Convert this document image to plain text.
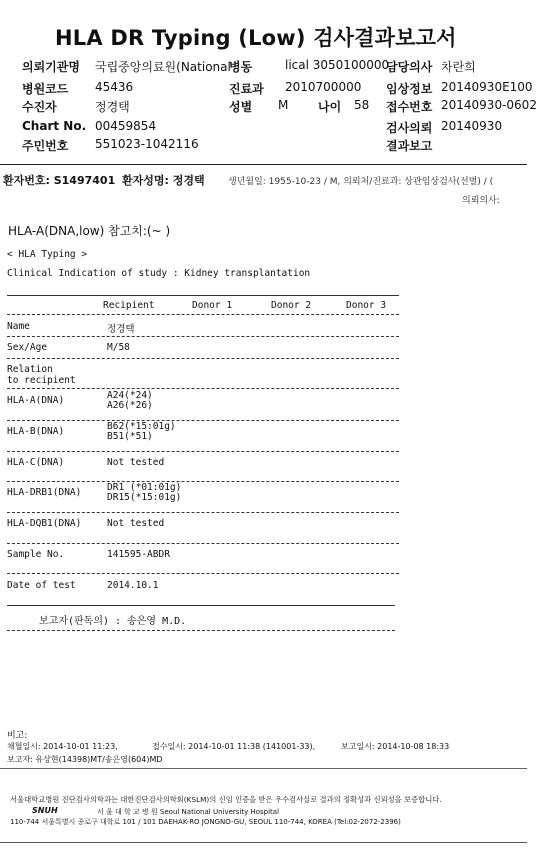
HLA DR Typing (Low) 검사결과보고서
의뢰기관명 국립중앙의료원(National
병동	lical 3050100000
담당의사 차란희
병원코드 45436	진료과 2010700000 임상정보 20140930E100
수진자	정경택	성별 M 나이 58 접수번호 20140930-0602
Chart No. 00459854	검사의뢰 20140930
주민번호 551023-1042116	결과보고
환자번호: S1497401 환자성명: 정경택	생년월일: 1955-10-23 / M, 의뢰처/진료과: 상관임상검사(선별) / (
의뢰의사:
HLA-A(DNA,low) 참고치:(~ )
< HLA Typing >
Clinical Indication of study : Kidney transplantation
Recipient	Donor 1	Donor 2	Donor 3
Name	정경택
Sex/Age	M/58
Relation
to recipient
HLA-A(DNA)	A24(*24)
A26(*26)
HLA-B(DNA)	B62(*15:01g)
B51(*51)
HLA-C(DNA)	Not tested
HLA-DRB1(DNA)	DR1 (*01:01g)
DR15(*15:01g)
HLA-DQB1(DNA)	Not tested
Sample No.	141595-ABDR
Date of test	2014.10.1
보고자(판독의) : 송은영 M.D.
비고:
채혈일시: 2014-10-01 11:23,	접수일시: 2014-10-01 11:38 (141001-33),	보고일시: 2014-10-08 18:33
보고자: 유상현(14398)MT/송은영(604)MD
서울대학교병원 진단검사의학과는 대한진단검사의학회(KSLM)의 신임 인증을 받은 우수검사실로 결과의 정확성과 신뢰성을 보증합니다.
SNUH	서 울 대 학 교 병 원 Seoul National University Hospital
110-744 서울특별시 종로구 대학로 101 / 101 DAEHAK-RO JONGNO-GU, SEOUL 110-744, KOREA (Tel:02-2072-2396)
